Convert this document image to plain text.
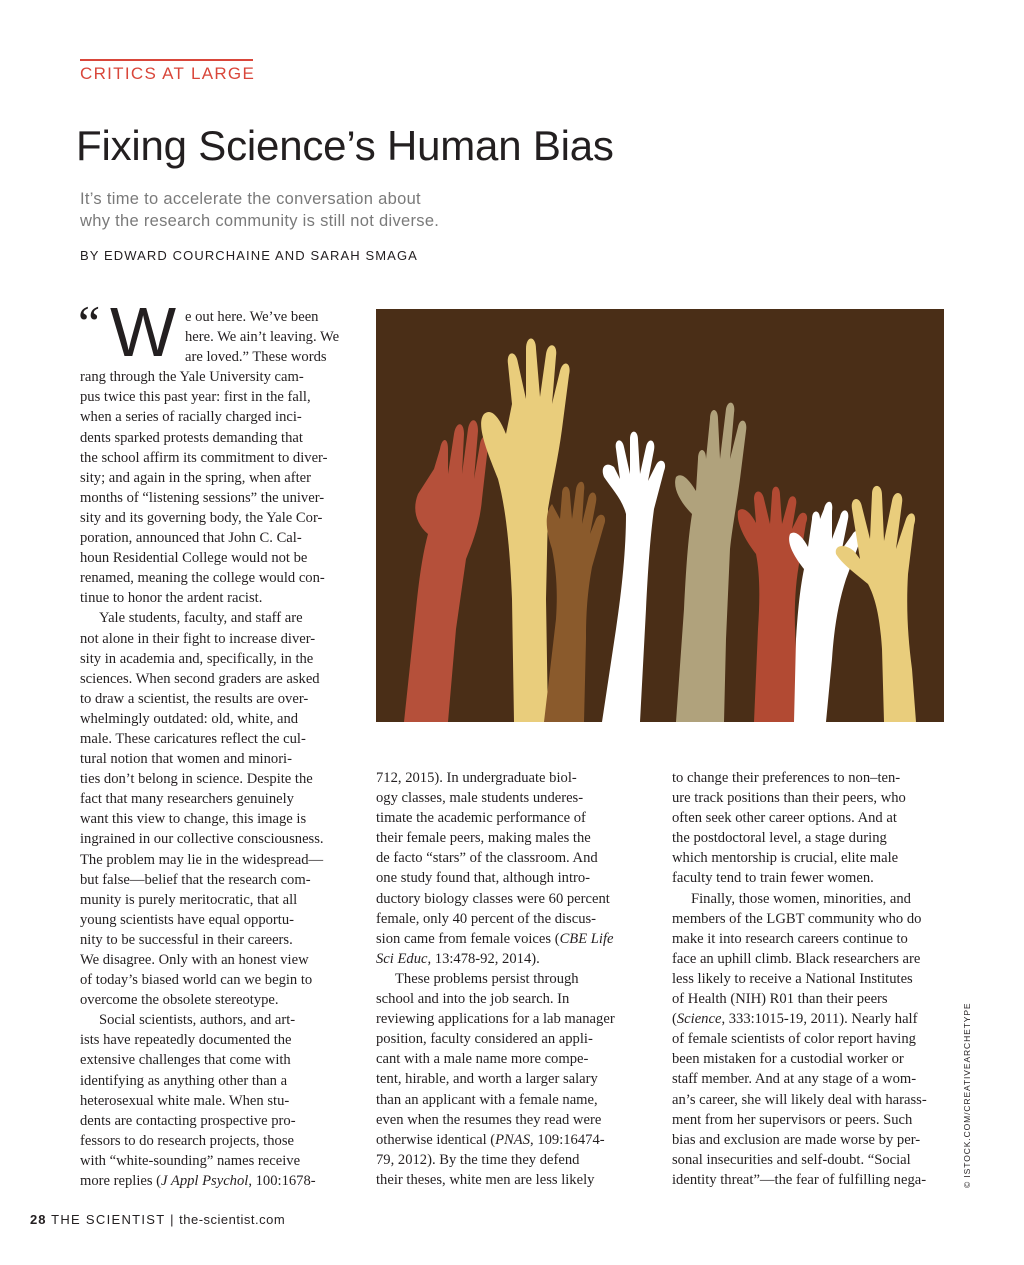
CRITICS AT LARGE
Fixing Science’s Human Bias
It’s time to accelerate the conversation about
why the research community is still not diverse.
BY EDWARD COURCHAINE AND SARAH SMAGA
“ W e out here. We’ve been
here. We ain’t leaving. We
are loved.” These words
rang through the Yale University cam-
pus twice this past year: first in the fall,
when a series of racially charged inci-
dents sparked protests demanding that
the school affirm its commitment to diver-
sity; and again in the spring, when after
months of “listening sessions” the univer-
sity and its governing body, the Yale Cor-
poration, announced that John C. Cal-
houn Residential College would not be
renamed, meaning the college would con-
tinue to honor the ardent racist.
Yale students, faculty, and staff are
not alone in their fight to increase diver-
sity in academia and, specifically, in the
sciences. When second graders are asked
to draw a scientist, the results are over-
whelmingly outdated: old, white, and
male. These caricatures reflect the cul-
tural notion that women and minori-
ties don’t belong in science. Despite the
fact that many researchers genuinely
want this view to change, this image is
ingrained in our collective consciousness.
The problem may lie in the widespread—
but false—belief that the research com-
munity is purely meritocratic, that all
young scientists have equal opportu-
nity to be successful in their careers.
We disagree. Only with an honest view
of today’s biased world can we begin to
overcome the obsolete stereotype.
Social scientists, authors, and art-
ists have repeatedly documented the
extensive challenges that come with
identifying as anything other than a
heterosexual white male. When stu-
dents are contacting prospective pro-
fessors to do research projects, those
with “white-sounding” names receive
more replies (J Appl Psychol, 100:1678-
712, 2015). In undergraduate biol-
ogy classes, male students underes-
timate the academic performance of
their female peers, making males the
de facto “stars” of the classroom. And
one study found that, although intro-
ductory biology classes were 60 percent
female, only 40 percent of the discus-
sion came from female voices (CBE Life
Sci Educ, 13:478-92, 2014).
These problems persist through
school and into the job search. In
reviewing applications for a lab manager
position, faculty considered an appli-
cant with a male name more compe-
tent, hirable, and worth a larger salary
than an applicant with a female name,
even when the resumes they read were
otherwise identical (PNAS, 109:16474-
79, 2012). By the time they defend
their theses, white men are less likely
to change their preferences to non–ten-
ure track positions than their peers, who
often seek other career options. And at
the postdoctoral level, a stage during
which mentorship is crucial, elite male
faculty tend to train fewer women.
Finally, those women, minorities, and
members of the LGBT community who do
make it into research careers continue to
face an uphill climb. Black researchers are
less likely to receive a National Institutes
of Health (NIH) R01 than their peers
(Science, 333:1015-19, 2011). Nearly half
of female scientists of color report having
been mistaken for a custodial worker or
staff member. And at any stage of a wom-
an’s career, she will likely deal with harass-
ment from her supervisors or peers. Such
bias and exclusion are made worse by per-
sonal insecurities and self-doubt. “Social
identity threat”—the fear of fulfilling nega-	© ISTOCK.COM/CREATIVEARCHETYPE
28 THE SCIENTIST | the-scientist.com
